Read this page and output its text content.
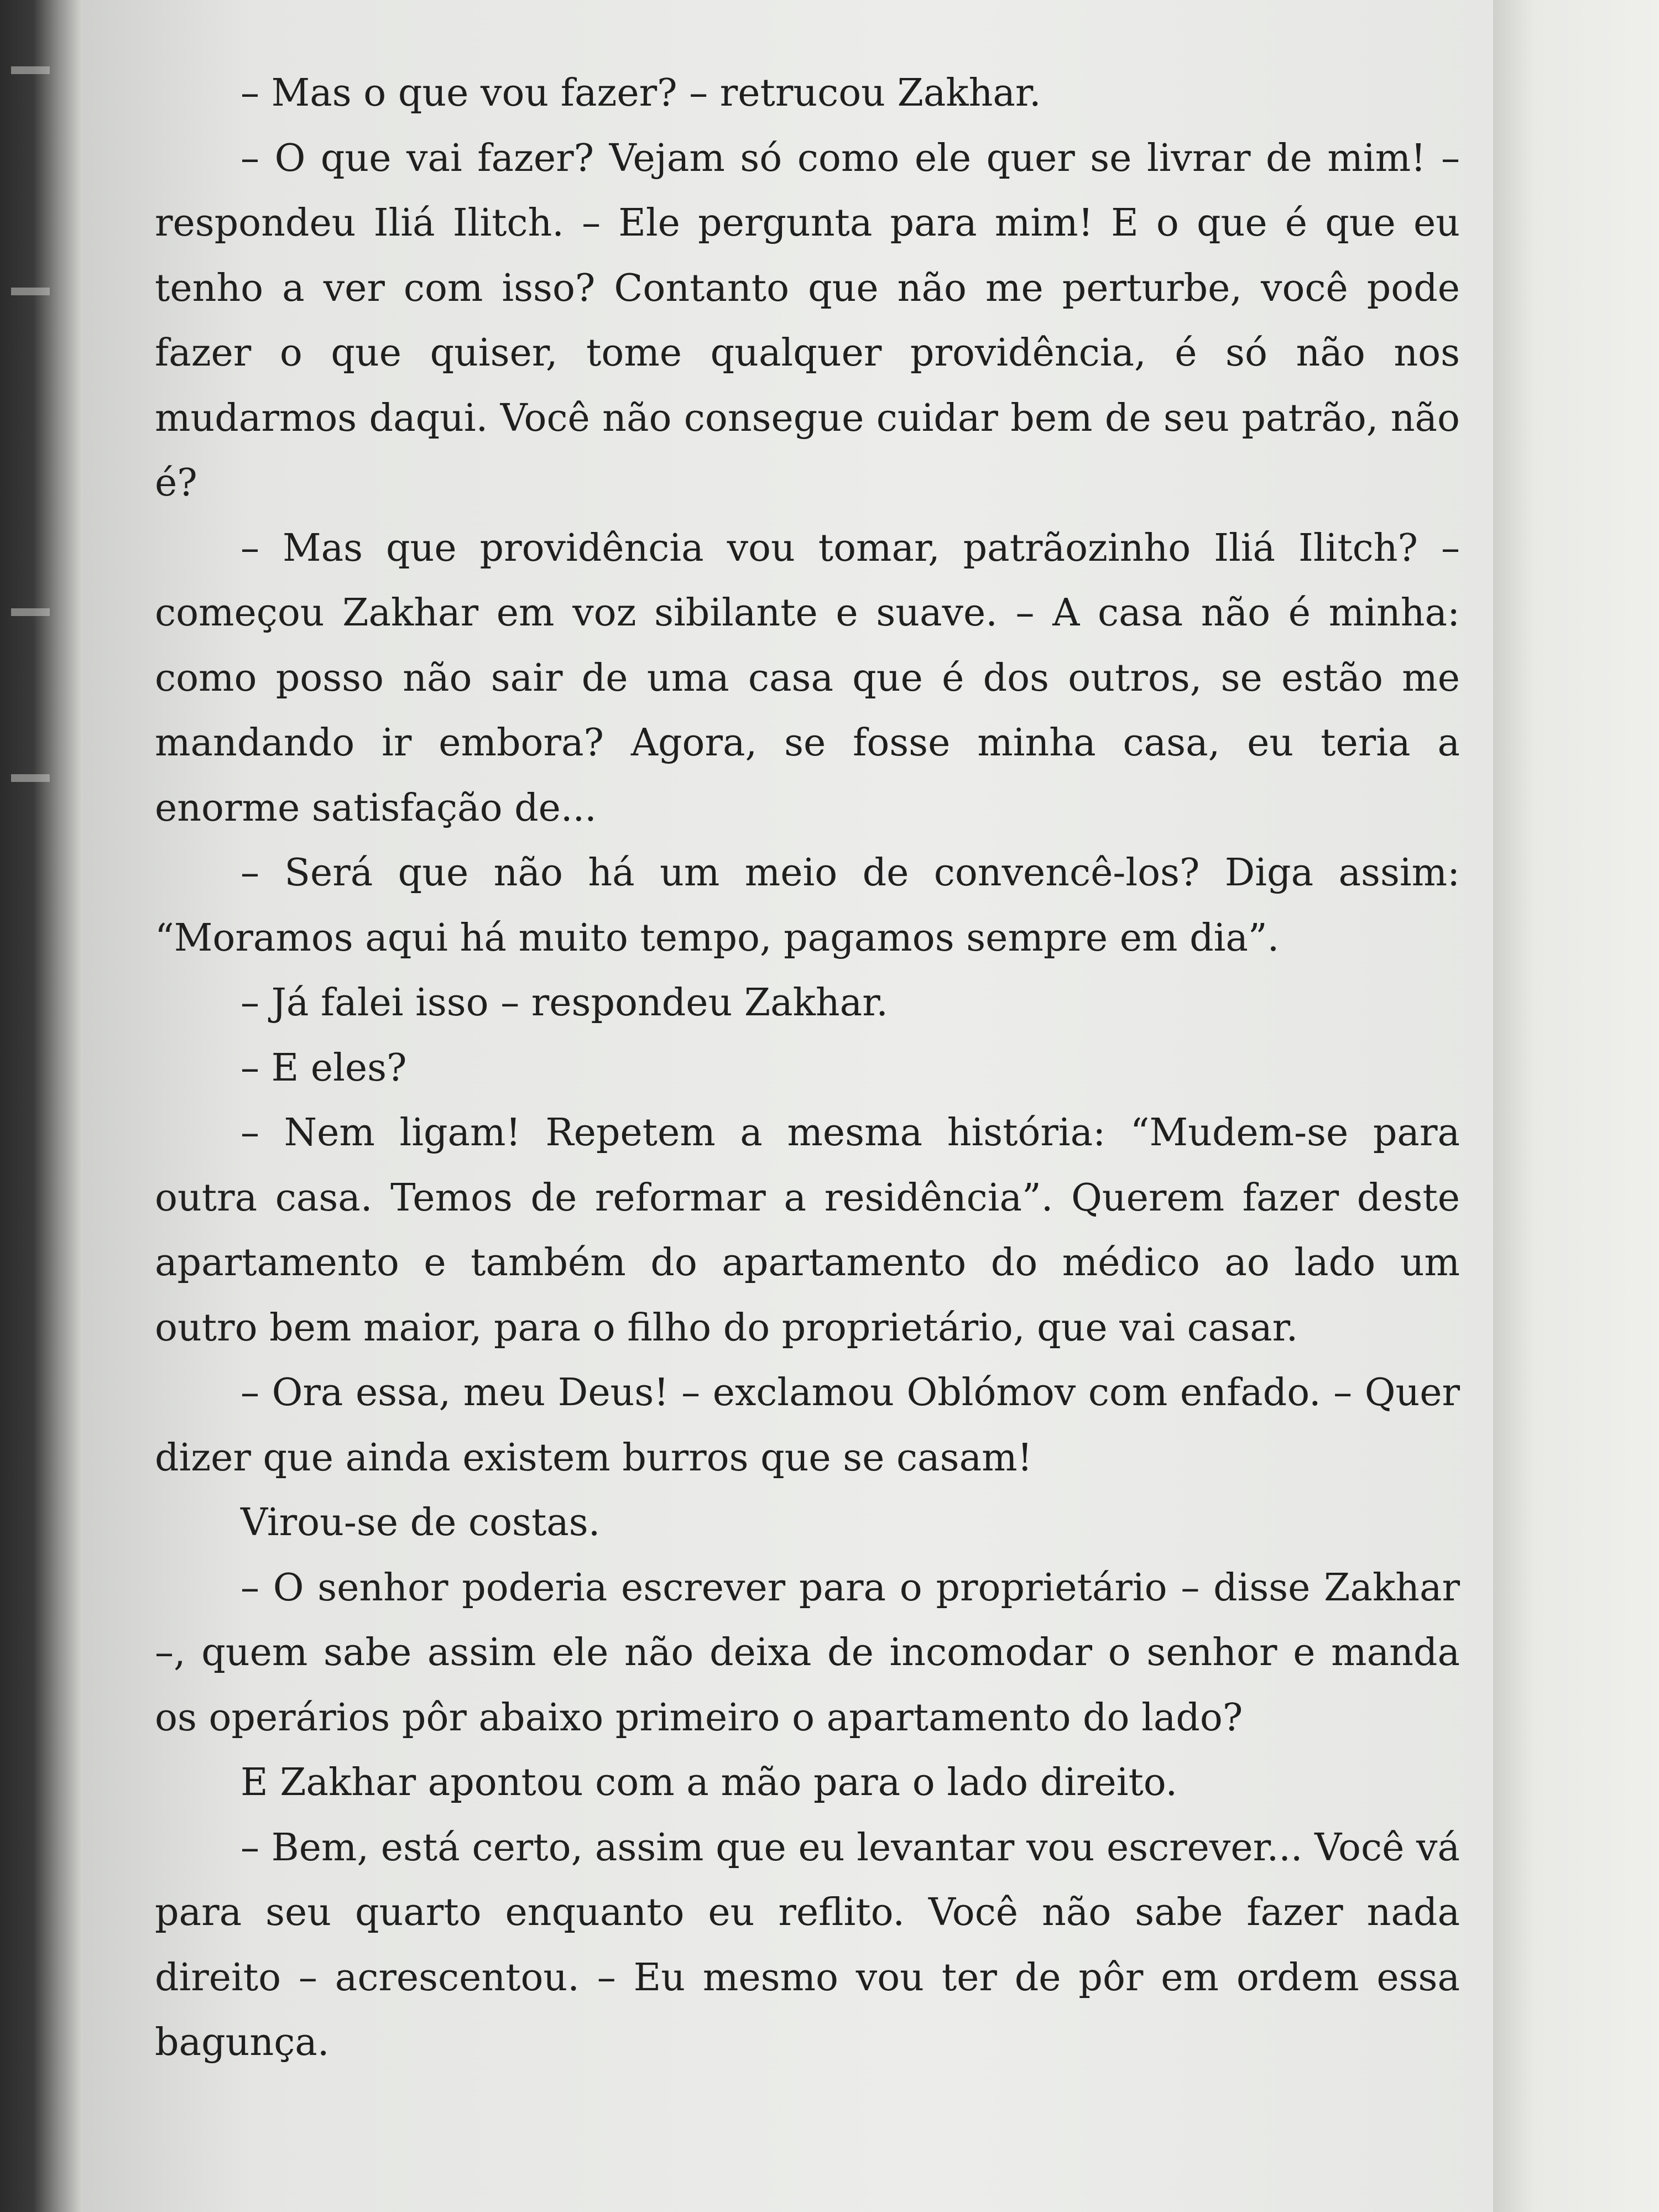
– Mas o que vou fazer? – retrucou Zakhar.

– O que vai fazer? Vejam só como ele quer se livrar de mim! – respondeu Iliá Ilitch. – Ele pergunta para mim! E o que é que eu tenho a ver com isso? Contanto que não me perturbe, você pode fazer o que quiser, tome qualquer providência, é só não nos mudarmos daqui. Você não consegue cuidar bem de seu patrão, não é?

– Mas que providência vou tomar, patrãozinho Iliá Ilitch? – começou Zakhar em voz sibilante e suave. – A casa não é minha: como posso não sair de uma casa que é dos outros, se estão me mandando ir embora? Agora, se fosse minha casa, eu teria a enorme satisfação de...

– Será que não há um meio de convencê-los? Diga assim: “Moramos aqui há muito tempo, pagamos sempre em dia”.

– Já falei isso – respondeu Zakhar.

– E eles?

– Nem ligam! Repetem a mesma história: “Mudem-se para outra casa. Temos de reformar a residência”. Querem fazer deste apartamento e também do apartamento do médico ao lado um outro bem maior, para o filho do proprietário, que vai casar.

– Ora essa, meu Deus! – exclamou Oblómov com enfado. – Quer dizer que ainda existem burros que se casam!

Virou-se de costas.

– O senhor poderia escrever para o proprietário – disse Zakhar –, quem sabe assim ele não deixa de incomodar o senhor e manda os operários pôr abaixo primeiro o apartamento do lado?

E Zakhar apontou com a mão para o lado direito.

– Bem, está certo, assim que eu levantar vou escrever... Você vá para seu quarto enquanto eu reflito. Você não sabe fazer nada direito – acrescentou. – Eu mesmo vou ter de pôr em ordem essa bagunça.
